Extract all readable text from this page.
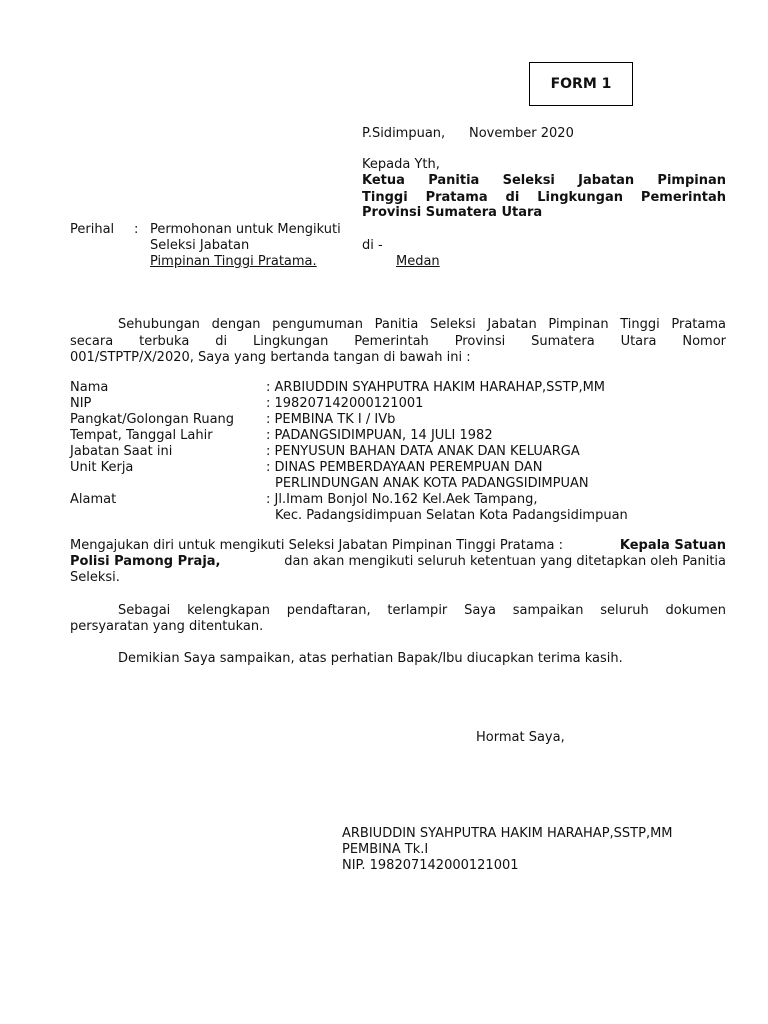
FORM 1
P.Sidimpuan, November 2020
Kepada Yth,
Ketua Panitia Seleksi Jabatan Pimpinan
Tinggi Pratama di Lingkungan Pemerintah
Provinsi Sumatera Utara
Perihal : Permohonan untuk Mengikuti
Seleksi Jabatan
Pimpinan Tinggi Pratama.
di -
Medan
Sehubungan dengan pengumuman Panitia Seleksi Jabatan Pimpinan Tinggi Pratama
secara terbuka di Lingkungan Pemerintah Provinsi Sumatera Utara Nomor
001/STPTP/X/2020, Saya yang bertanda tangan di bawah ini :
Nama	: ARBIUDDIN SYAHPUTRA HAKIM HARAHAP,SSTP,MM
NIP	: 198207142000121001
Pangkat/Golongan Ruang : PEMBINA TK I / IVb
Tempat, Tanggal Lahir	: PADANGSIDIMPUAN, 14 JULI 1982
Jabatan Saat ini	: PENYUSUN BAHAN DATA ANAK DAN KELUARGA
Unit Kerja	: DINAS PEMBERDAYAAN PEREMPUAN DAN
PERLINDUNGAN ANAK KOTA PADANGSIDIMPUAN
Alamat	: Jl.Imam Bonjol No.162 Kel.Aek Tampang,
Kec. Padangsidimpuan Selatan Kota Padangsidimpuan
Mengajukan diri untuk mengikuti Seleksi Jabatan Pimpinan Tinggi Pratama :	Kepala Satuan
Polisi Pamong Praja,	dan akan mengikuti seluruh ketentuan yang ditetapkan oleh Panitia
Seleksi.
Sebagai kelengkapan pendaftaran, terlampir Saya sampaikan seluruh dokumen
persyaratan yang ditentukan.
Demikian Saya sampaikan, atas perhatian Bapak/Ibu diucapkan terima kasih.
Hormat Saya,
ARBIUDDIN SYAHPUTRA HAKIM HARAHAP,SSTP,MM
PEMBINA Tk.I
NIP. 198207142000121001
